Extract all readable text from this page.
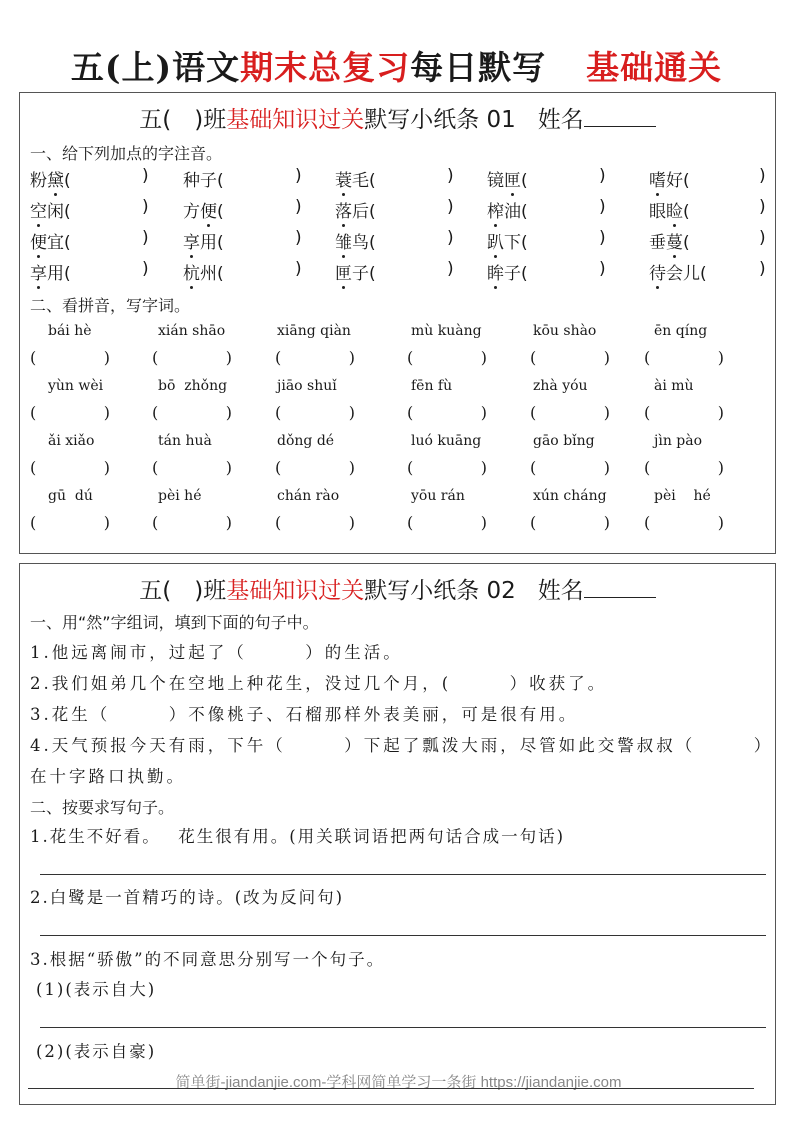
五(上)语文期末总复习每日默写 基础通关
五(　)班基础知识过关默写小纸条 01 姓名
一、给下列加点的字注音。
粉黛(	) 种子(	) 蓑毛(	) 镜匣(	)	嗜好(	)
空闲(	) 方便(	) 落后(	) 榨油(	)	眼睑(	)
便宜(	) 享用(	) 雏鸟(	) 趴下(	)	垂蔓(	)
享用(	) 杭州(	) 匣子(	) 眸子(	)	待会儿(	)
二、看拼音，写字词。
bái hè	xián shāo	xiāng qiàn	mù kuàng	kōu shào	ēn qíng
(	)	(	)	(	)	(	)	(	) (	)
yùn wèi	bō  zhǒng	jiāo shuǐ	fēn fù	zhà yóu	ài mù
(	)	(	)	(	)	(	)	(	) (	)
ǎi xiǎo	tán huà	dǒng dé	luó kuāng	gāo bǐng	jìn pào
(	)	(	)	(	)	(	)	(	) (	)
gū  dú	pèi hé	chán rào	yōu rán	xún cháng	pèi    hé
(	)	(	)	(	)	(	)	(	) (	)
五(　)班基础知识过关默写小纸条 02 姓名
一、用“然”字组词，填到下面的句子中。
1.他远离闹市，过起了（　　　）的生活。
2.我们姐弟几个在空地上种花生，没过几个月，(　　　）收获了。
3.花生（　　　）不像桃子、石榴那样外表美丽，可是很有用。
4.天气预报今天有雨，下午（　　　）下起了瓢泼大雨，尽管如此交警叔叔（　　　）
在十字路口执勤。
二、按要求写句子。
1.花生不好看。　 花生很有用。(用关联词语把两句话合成一句话)
2.白鹭是一首精巧的诗。(改为反问句)
3.根据“骄傲”的不同意思分别写一个句子。
(1)(表示自大)
(2)(表示自豪)
简单街-jiandanjie.com-学科网简单学习一条街 https://jiandanjie.com
